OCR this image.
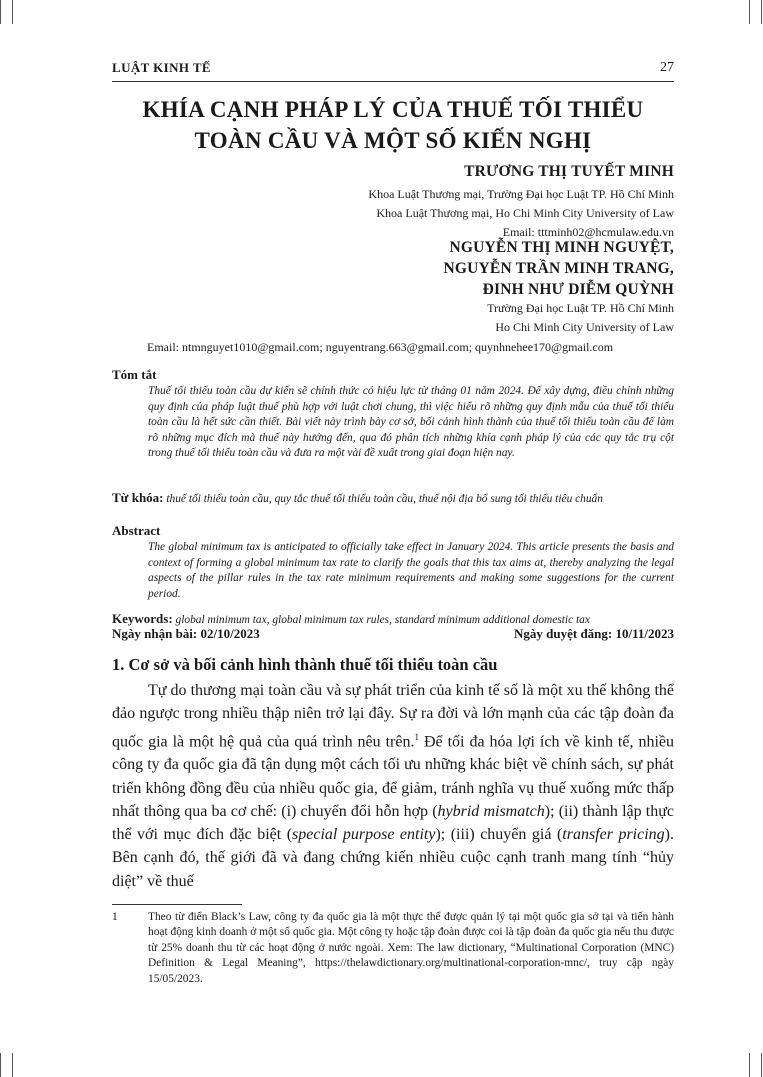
LUẬT KINH TẾ	27
KHÍA CẠNH PHÁP LÝ CỦA THUẾ TỐI THIỂU
TOÀN CẦU VÀ MỘT SỐ KIẾN NGHỊ
TRƯƠNG THỊ TUYẾT MINH
Khoa Luật Thương mại, Trường Đại học Luật TP. Hồ Chí Minh
Khoa Luật Thương mại, Ho Chi Minh City University of Law
Email: tttminh02@hcmulaw.edu.vn
NGUYỄN THỊ MINH NGUYỆT,
NGUYỄN TRẦN MINH TRANG,
ĐINH NHƯ DIỄM QUỲNH
Trường Đại học Luật TP. Hồ Chí Minh
Ho Chi Minh City University of Law
Email: ntmnguyet1010@gmail.com; nguyentrang.663@gmail.com; quynhnehee170@gmail.com
Tóm tắt
Thuế tối thiểu toàn cầu dự kiến sẽ chính thức có hiệu lực từ tháng 01 năm 2024. Để xây dựng, điều chỉnh những quy định của pháp luật thuế phù hợp với luật chơi chung, thì việc hiểu rõ những quy định mẫu của thuế tối thiểu toàn cầu là hết sức cần thiết. Bài viết này trình bày cơ sở, bối cảnh hình thành của thuế tối thiểu toàn cầu để làm rõ những mục đích mà thuế này hướng đến, qua đó phân tích những khía cạnh pháp lý của các quy tắc trụ cột trong thuế tối thiểu toàn cầu và đưa ra một vài đề xuất trong giai đoạn hiện nay.
Từ khóa: thuế tối thiểu toàn cầu, quy tắc thuế tối thiểu toàn cầu, thuế nội địa bổ sung tối thiểu tiêu chuẩn
Abstract
The global minimum tax is anticipated to officially take effect in January 2024. This article presents the basis and context of forming a global minimum tax rate to clarify the goals that this tax aims at, thereby analyzing the legal aspects of the pillar rules in the tax rate minimum requirements and making some suggestions for the current period.
Keywords: global minimum tax, global minimum tax rules, standard minimum additional domestic tax
Ngày nhận bài: 02/10/2023	Ngày duyệt đăng: 10/11/2023
1. Cơ sở và bối cảnh hình thành thuế tối thiểu toàn cầu

Tự do thương mại toàn cầu và sự phát triển của kinh tế số là một xu thế không thể đảo ngược trong nhiều thập niên trở lại đây. Sự ra đời và lớn mạnh của các tập đoàn đa quốc gia là một hệ quả của quá trình nêu trên.$^1$ Để tối đa hóa lợi ích về kinh tế, nhiều công ty đa quốc gia đã tận dụng một cách tối ưu những khác biệt về chính sách, sự phát triển không đồng đều của nhiều quốc gia, để giảm, tránh nghĩa vụ thuế xuống mức thấp nhất thông qua ba cơ chế: (i) chuyển đổi hỗn hợp (hybrid mismatch); (ii) thành lập thực thể với mục đích đặc biệt (special purpose entity); (iii) chuyển giá (transfer pricing). Bên cạnh đó, thế giới đã và đang chứng kiến nhiều cuộc cạnh tranh mang tính “hủy diệt” về thuế

1	Theo từ điển Black’s Law, công ty đa quốc gia là một thực thể được quản lý tại một quốc gia sở tại và tiến hành hoạt động kinh doanh ở một số quốc gia. Một công ty hoặc tập đoàn được coi là tập đoàn đa quốc gia nếu thu được từ 25% doanh thu từ các hoạt động ở nước ngoài. Xem: The law dictionary, “Multinational Corporation (MNC) Definition & Legal Meaning”, https://thelawdictionary.org/multinational-corporation-mnc/, truy cập ngày 15/05/2023.
